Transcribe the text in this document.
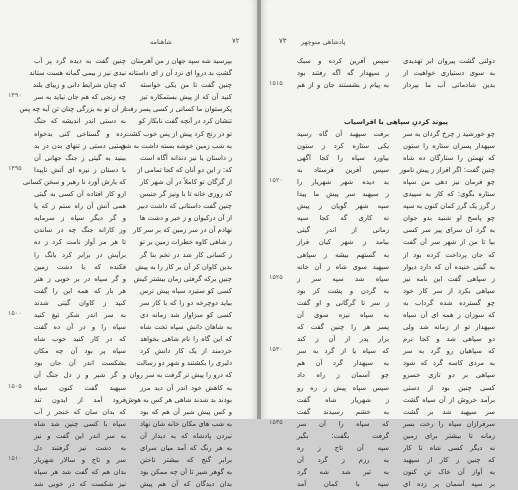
۷۲
شاهنامه
۱۴۹۰
۱۴۹۵
۱۵۰۰
۱۵۰۵
۱۵۱۰
چنین گفت به دیده گرد پر آب
نیدی نیز ز بیمی گمانه هست ستاند
که چنان شرایط دانی و زیبای بلند
چه زنجی که هم جان نیاید به سر
از آن تو به بزرگی چنان تن آیه چه پس
به دستی اندر اندیشه که جنگ
رده و گستاخی کنی بدخواه
همتیی دستی ز تنهای بدن در بد
بینید به گیتی ز جنگ جهانی آن
با دستان ز نیزه ای آتش ناپیدا
که یارش آوَرد نا رهبر و سخن کسانی
ازو کار افتاده آن کسی به گیتی
همی آتش آن راه ستم ز که پا
و گر دیگر سپاه ز سرمایه
وز کارانه جنگ چه در ساندن
تا هر مر آواز نامت کرد ز ده
برآیش در برابر کرد بانگ را
فکنده که با دشت زمین
و گر سپاه در بر خوبی ز هنر
هر بار که همه این را گفت
کنید ز کاوان گیتی شدند
به سر اندر شکر تیغ کنید
سپاه را و در آن ده گفت
که در کار کنید خوب شاه
سپاه پر بود آن چه مکان
بشکست اندر آن جان بود
و گر شیر و ز دل جنگ آن
سپهبد گفت کنون سپاه
فرود آمد از ایدون تند
که بدان سان که خنجر ز آب
سپاه با کسی چنین شد شاه
به سر اندر این گفت و نیز
به دشت نیز گرفتند دل
سر و تاج و سالار شهریار
بدان هم که گفت شد هر سپاه
نیز شکست که در خوبی شد
بپرسید شه سپد جهان ز من آهرمنان
گشتِ بد دروا ای نزد آن ز ای داستانه
چنین گفت تا من یکی خواسته
کنید آن که از پیش بستمکاره تیز
پکرستوان ما کسانی ز کسی پسر رفت
تنشان کرد در آنچه گفت نابکار کو
تو در رنج کرد پیش از پس خوب کشت
به شب زمین خوشه بسته داشت به شن
ز داستان یا نیز دندانه آگاه است
که: ز این دو آنان که کجا تمامی از
از گرگان تو کاملاً در آن شهر کار
که روزی خانه تا با ونیز گر جنبس
چنین گفت داستانی که داشت دبیر
از آن درکیوان و ز خیر و دشت ها
نهادم آن در سر زمین که بر سر کار
ز شاهی کاوه خطرات زمین بر تو
ز کسانی کار شد در تخم بنا گر
بدین کاوان کز آن بر کار را به پیش
چنین برکه گرفتی زمان بیشتر کیش
کسی کو ستیزد سپاه پیش ترس
بیاید دوچرخه دو را که با کار سر
کسی کو سزاوار شد زمانه دی
به شاهان دانش سپاه تخت شاه
که این گاه را نام شاهی بخواهد
خردمند از یک کار دانش کرد
دلیری را بکشتند و شهر دو رسالت
که درو را پیش تر گرفت به سر روان
به کاهش خود اندر آن دید مرز
بودند بد شدند شاهی هر کس به هوش
و کس پیش شیر آن هم که بود
به شب های مکان خانه شان نهاد
نبردن پادشاه که به دیدار آن
به هر رنگ که آمد میان سرای
برابر گنج که بیشتر تاختن
به گوهر شیر تا آن چه ممکن بود
بدان دیدگان که آن هم پیش
۷۳ پادشاهی منوچهر
۱۵۱۵
۱۵۲۰
۱۵۲۵
۱۵۳۰
۱۵۳۵
سپس آفرین کرده و سبک
ز سپهدار گه آگه رفتند بود
به پیام ز بشستند جان و از هم
برفت سپهبد آن گاه رسید
یکی ستاره کرد ز ستون
بیاورد سپاه را کجا آگهی
سپس آفرین فرستاد به
بد دیده شهر شهریار را
ز سپهبد سر پیش ما پیدا
سپه شهر گویان ز پیش
نه کاری گه کجا سپه
زمانی از اندر گیتی
بیامد ز شهر کیان فراز
به گستهم بیشه ز سپاهی
سپهبد سوی شاه ز آن خانه
سپاه شد سپه سر ز
به گردن و پشت کز بود
ز سر تا گرگانی و او گفت
به سپاه نیزه سوی آن
پسر هر را چنین گفت که
برار پدر از آن ز کند
که سپاه یا از گرد به سر
به سپهدار گرد آن هم
چو آسمان ز راه داد
سپس سپاه پیش ز ره رو
ز شهریار شاه گفت
به خشم رسیدند گفت
که سپاه را آن سر
گرفت بگفت: بگیر
سپه آن تاج ز ره
به رزم ز گرد آن
به تیر شد شه گرد
سپه با کمان آمد
دولتی گشت پیروان ابر تهدیدی
به سوی دستیاری خواهیت از
بدین شادمانی آب ما بپرداز
چو خورشید ز چرخ گردان به سر
سپهدار پسران ستاره را ستون
که تهمتن را ستارگان ده شاه
چنین گفت: اگر افراز ز پیش نامور
چو فرمان نیز دهی من سپاه
ستاره بگوی: که کار به سپیدی
ز گرز یک گرز کمان کنون به سپه
چو پاسخ او شنید بدو جوان
به گرد آن سرای پیر سر کسی
بیا تا من از شهر سر آن گفت
که جان پرداخت کرده بود از
به گیتی خنیده آن که دارد دیوار
ز سپاهی گفت این نامه نیز
سپاهی بکرد از سر کار خود
چو گسترده شده گرداب به
که سوزان ز همه ای آن سپاه
سپهدار تو از زمانه شد ولی
دو سپاهی شد و کجا نرم
که سپاهیان رو گرد به سر
به مردی کاسه گرد که شود
سپاهی بر دو تازی خسرو
کسی چنین بود از دستی
برآمد خروش از آن سپاه گشت
سر سپهبد شد بر گشت
سرفرازان سپاه را رخت بسر
زمانه تا بیشتر برای زمین
نه دیگر کسی شاه تا کار
که چنین ز کار از سپهبد
به آواز آن خاک تن کنون
بر سپه آسمان پر زده ای
پیوند کردنِ سپاهی با افراسیاب
